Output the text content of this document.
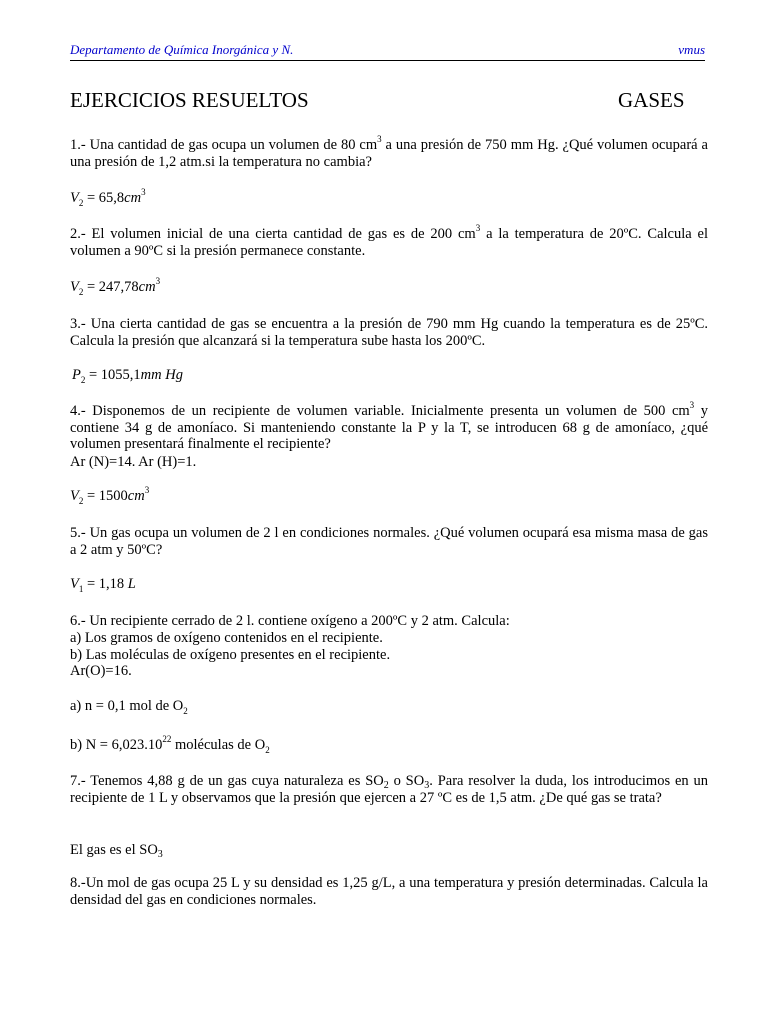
Departamento de Química Inorgánica y N.	vmus
EJERCICIOS RESUELTOS	GASES

1.- Una cantidad de gas ocupa un volumen de 80 $cm^3$ a una presión de 750 mm Hg. ¿Qué volumen ocupará a una presión de 1,2 atm.si la temperatura no cambia?

$V_2 = 65,8cm^3$

2.- El volumen inicial de una cierta cantidad de gas es de 200 $cm^3$ a la temperatura de 20ºC. Calcula el volumen a 90ºC si la presión permanece constante.

$V_2 = 247,78cm^3$

3.- Una cierta cantidad de gas se encuentra a la presión de 790 mm Hg cuando la temperatura es de 25ºC. Calcula la presión que alcanzará si la temperatura sube hasta los 200ºC.

$P_2 = 1055,1mm$ Hg

4.- Disponemos de un recipiente de volumen variable. Inicialmente presenta un volumen de 500 $cm^3$ y contiene 34 g de amoníaco. Si manteniendo constante la P y la T, se introducen 68 g de amoníaco, ¿qué volumen presentará finalmente el recipiente?

Ar (N)=14. Ar (H)=1.

$V_2 = 1500cm^3$

5.- Un gas ocupa un volumen de 2 l en condiciones normales. ¿Qué volumen ocupará esa misma masa de gas a 2 atm y 50ºC?

$V_1 = 1,18$ L

6.- Un recipiente cerrado de 2 l. contiene oxígeno a 200ºC y 2 atm. Calcula:

a) Los gramos de oxígeno contenidos en el recipiente.

b) Las moléculas de oxígeno presentes en el recipiente.

Ar(O)=16.

a) n = 0,1 mol de $O_2$
b) $N = 6,023.10^{22}$ moléculas de $O_2$

7.- Tenemos 4,88 g de un gas cuya naturaleza es $SO_2$ o $SO_3$. Para resolver la duda, los introducimos en un recipiente de 1 L y observamos que la presión que ejercen a 27 ºC es de 1,5 atm. ¿De qué gas se trata?

El gas es el $SO_3$

8.-Un mol de gas ocupa 25 L y su densidad es 1,25 g/L, a una temperatura y presión determinadas. Calcula la densidad del gas en condiciones normales.
